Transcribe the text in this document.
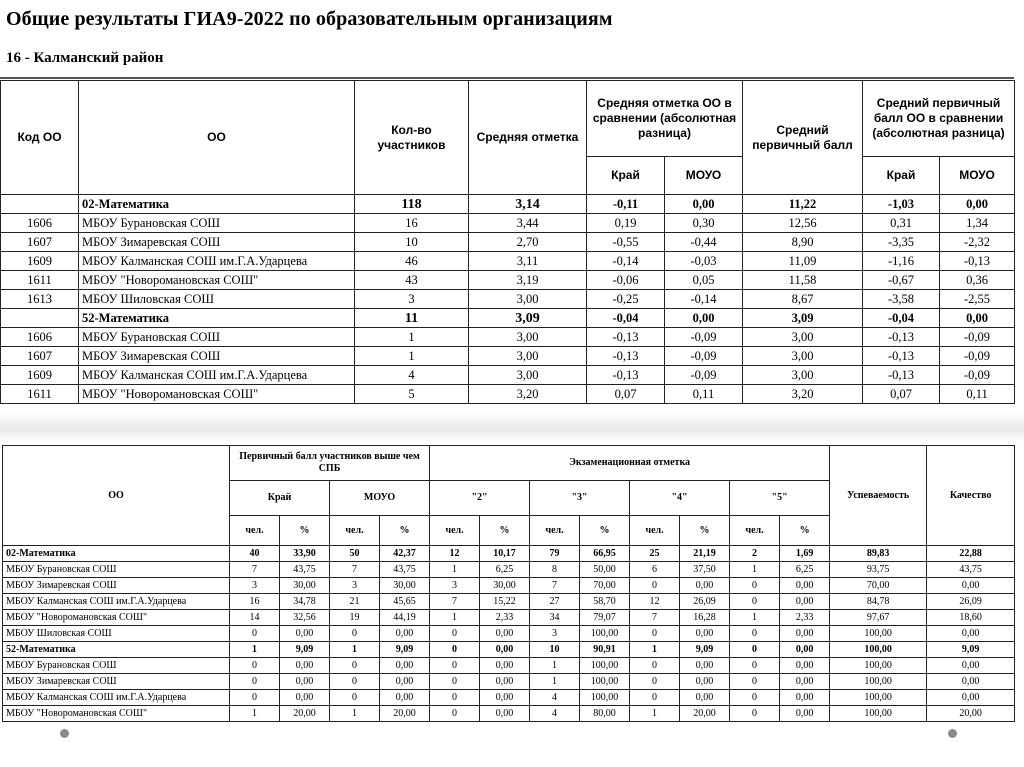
Общие результаты ГИА9-2022 по образовательным организациям
16 - Калманский район
Код ОО	ОО	Кол-во участников	Средняя отметка	Средняя отметка ОО в сравнении (абсолютная разница)		Средний первичный балл	Средний первичный балл ОО в сравнении (абсолютная разница)	
				Край	МОУО		Край	МОУО
	02-Математика	118	3,14	-0,11	0,00	11,22	-1,03	0,00
1606	МБОУ Бурановская СОШ	16	3,44	0,19	0,30	12,56	0,31	1,34
1607	МБОУ Зимаревская СОШ	10	2,70	-0,55	-0,44	8,90	-3,35	-2,32
1609	МБОУ Калманская СОШ им.Г.А.Ударцева	46	3,11	-0,14	-0,03	11,09	-1,16	-0,13
1611	МБОУ "Новоромановская СОШ"	43	3,19	-0,06	0,05	11,58	-0,67	0,36
1613	МБОУ Шиловская СОШ	3	3,00	-0,25	-0,14	8,67	-3,58	-2,55
	52-Математика	11	3,09	-0,04	0,00	3,09	-0,04	0,00
1606	МБОУ Бурановская СОШ	1	3,00	-0,13	-0,09	3,00	-0,13	-0,09
1607	МБОУ Зимаревская СОШ	1	3,00	-0,13	-0,09	3,00	-0,13	-0,09
1609	МБОУ Калманская СОШ им.Г.А.Ударцева	4	3,00	-0,13	-0,09	3,00	-0,13	-0,09
1611	МБОУ "Новоромановская СОШ"	5	3,20	0,07	0,11	3,20	0,07	0,11
ОО	Первичный балл участников выше чем СПБ				Экзаменационная отметка								Успеваемость	Качество
	Край		МОУО		"2"		"3"		"4"		"5"			
	чел.	%	чел.	%	чел.	%	чел.	%	чел.	%	чел.	%		
02-Математика	40	33,90	50	42,37	12	10,17	79	66,95	25	21,19	2	1,69	89,83	22,88
МБОУ Бурановская СОШ	7	43,75	7	43,75	1	6,25	8	50,00	6	37,50	1	6,25	93,75	43,75
МБОУ Зимаревская СОШ	3	30,00	3	30,00	3	30,00	7	70,00	0	0,00	0	0,00	70,00	0,00
МБОУ Калманская СОШ им.Г.А.Ударцева	16	34,78	21	45,65	7	15,22	27	58,70	12	26,09	0	0,00	84,78	26,09
МБОУ "Новоромановская СОШ"	14	32,56	19	44,19	1	2,33	34	79,07	7	16,28	1	2,33	97,67	18,60
МБОУ Шиловская СОШ	0	0,00	0	0,00	0	0,00	3	100,00	0	0,00	0	0,00	100,00	0,00
52-Математика	1	9,09	1	9,09	0	0,00	10	90,91	1	9,09	0	0,00	100,00	9,09
МБОУ Бурановская СОШ	0	0,00	0	0,00	0	0,00	1	100,00	0	0,00	0	0,00	100,00	0,00
МБОУ Зимаревская СОШ	0	0,00	0	0,00	0	0,00	1	100,00	0	0,00	0	0,00	100,00	0,00
МБОУ Калманская СОШ им.Г.А.Ударцева	0	0,00	0	0,00	0	0,00	4	100,00	0	0,00	0	0,00	100,00	0,00
МБОУ "Новоромановская СОШ"	1	20,00	1	20,00	0	0,00	4	80,00	1	20,00	0	0,00	100,00	20,00
